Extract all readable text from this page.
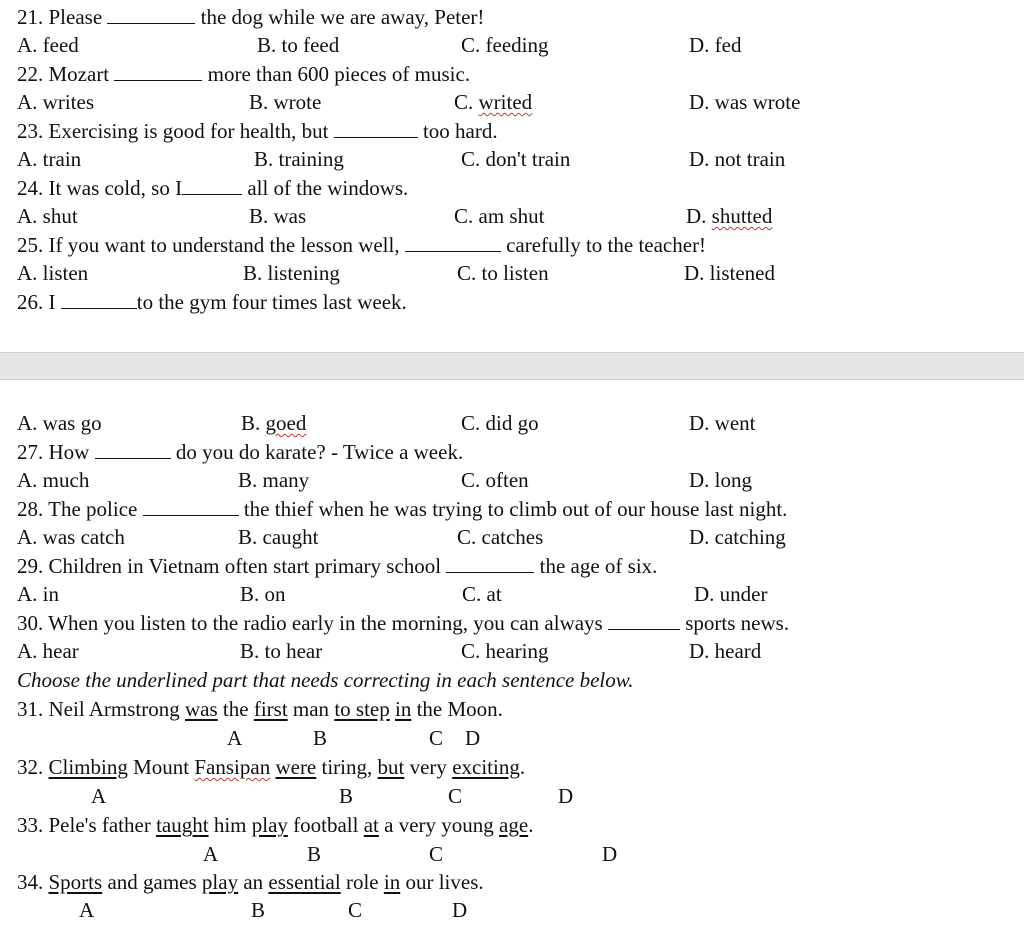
21. Please	the dog while we are away, Peter!
A. feed	B. to feed	C. feeding	D. fed
22. Mozart	more than 600 pieces of music.
A. writes	B. wrote	C. writed	D. was wrote
23. Exercising is good for health, but	too hard.
A. train	B. training	C. don't train	D. not train
24. It was cold, so I	all of the windows.
A. shut	B. was	C. am shut	D. shutted
25. If you want to understand the lesson well,	carefully to the teacher!
A. listen	B. listening	C. to listen	D. listened
26. I	to the gym four times last week.
A. was go	B. goed	C. did go	D. went
27. How	do you do karate? - Twice a week.
A. much	B. many	C. often	D. long
28. The police	the thief when he was trying to climb out of our house last night.
A. was catch	B. caught	C. catches	D. catching
29. Children in Vietnam often start primary school	the age of six.
A. in	B. on	C. at	D. under
30. When you listen to the radio early in the morning, you can always	sports news.
A. hear	B. to hear	C. hearing	D. heard
Choose the underlined part that needs correcting in each sentence below.
31. Neil Armstrong was the first man to step in the Moon.
A	B	C D
32. Climbing Mount Fansipan were tiring, but very exciting.
A	B	C	D
33. Pele's father taught him play football at a very young age.
A	B	C	D
34. Sports and games play an essential role in our lives.
A	B	C	D
